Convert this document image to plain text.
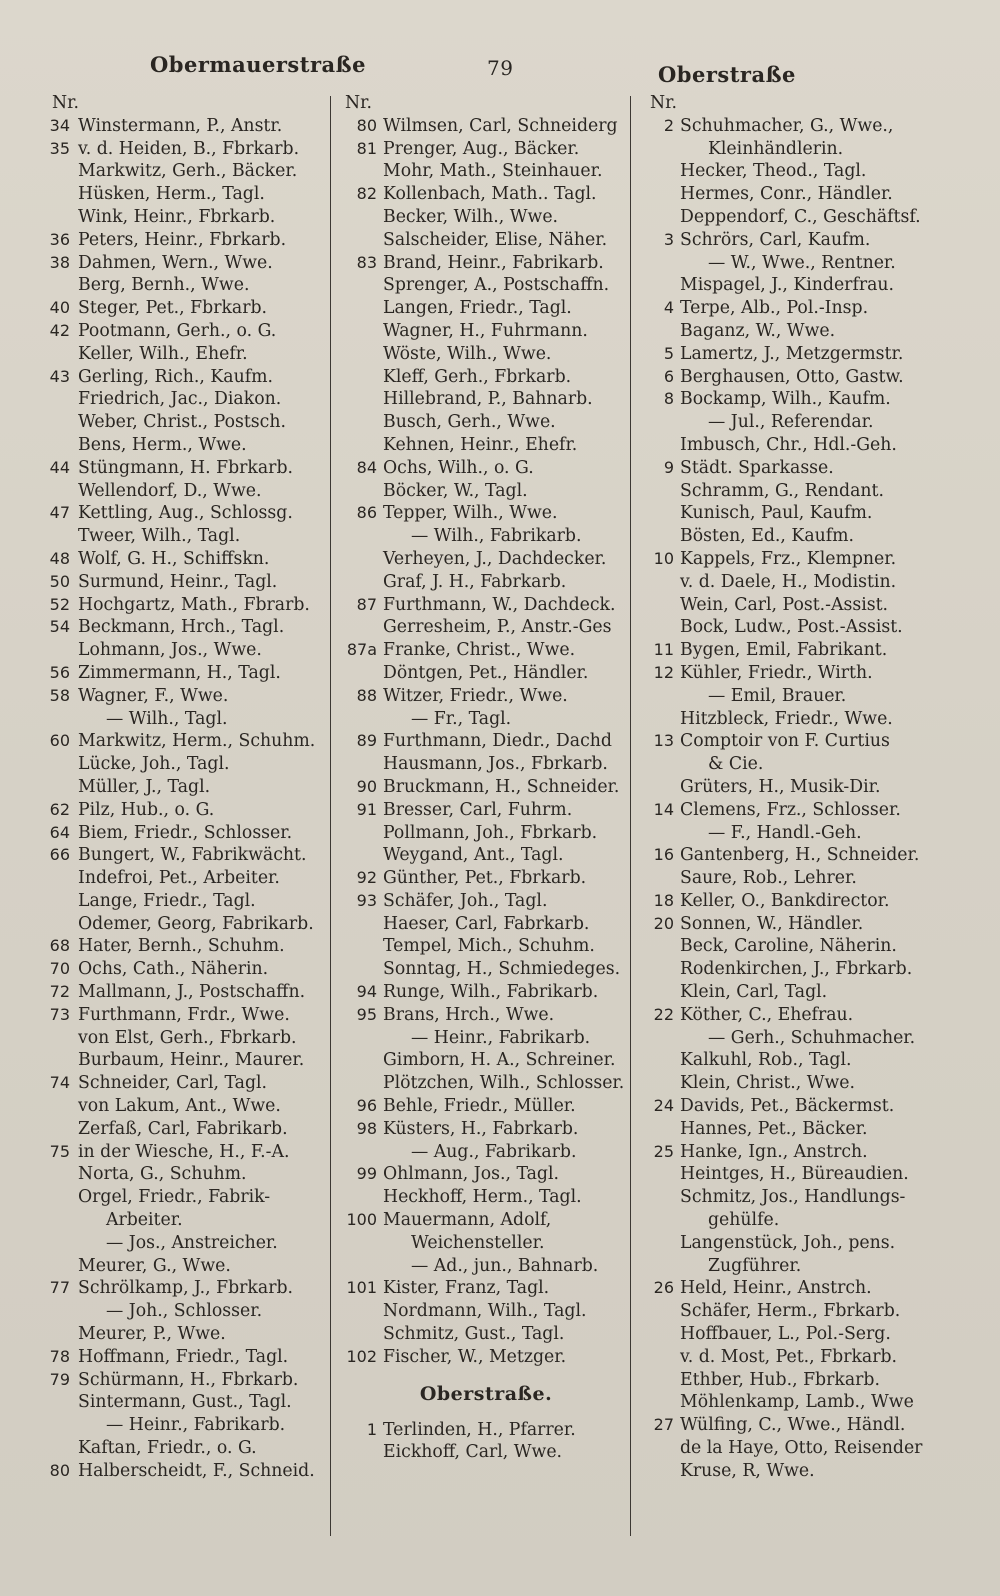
Obermauerstraße	79	Oberstraße
Nr.
34 Winstermann, P., Anstr.
35 v. d. Heiden, B., Fbrkarb.
Markwitz, Gerh., Bäcker.
Hüsken, Herm., Tagl.
Wink, Heinr., Fbrkarb.
36 Peters, Heinr., Fbrkarb.
38 Dahmen, Wern., Wwe.
Berg, Bernh., Wwe.
40 Steger, Pet., Fbrkarb.
42 Pootmann, Gerh., o. G.
Keller, Wilh., Ehefr.
43 Gerling, Rich., Kaufm.
Friedrich, Jac., Diakon.
Weber, Christ., Postsch.
Bens, Herm., Wwe.
44 Stüngmann, H. Fbrkarb.
Wellendorf, D., Wwe.
47 Kettling, Aug., Schlossg.
Tweer, Wilh., Tagl.
48 Wolf, G. H., Schiffskn.
50 Surmund, Heinr., Tagl.
52 Hochgartz, Math., Fbrarb.
54 Beckmann, Hrch., Tagl.
Lohmann, Jos., Wwe.
56 Zimmermann, H., Tagl.
58 Wagner, F., Wwe.
— Wilh., Tagl.
60 Markwitz, Herm., Schuhm.
Lücke, Joh., Tagl.
Müller, J., Tagl.
62 Pilz, Hub., o. G.
64 Biem, Friedr., Schlosser.
66 Bungert, W., Fabrikwächt.
Indefroi, Pet., Arbeiter.
Lange, Friedr., Tagl.
Odemer, Georg, Fabrikarb.
68 Hater, Bernh., Schuhm.
70 Ochs, Cath., Näherin.
72 Mallmann, J., Postschaffn.
73 Furthmann, Frdr., Wwe.
von Elst, Gerh., Fbrkarb.
Burbaum, Heinr., Maurer.
74 Schneider, Carl, Tagl.
von Lakum, Ant., Wwe.
Zerfaß, Carl, Fabrikarb.
75 in der Wiesche, H., F.-A.
Norta, G., Schuhm.
Orgel, Friedr., Fabrik-
Arbeiter.
— Jos., Anstreicher.
Meurer, G., Wwe.
77 Schrölkamp, J., Fbrkarb.
— Joh., Schlosser.
Meurer, P., Wwe.
78 Hoffmann, Friedr., Tagl.
79 Schürmann, H., Fbrkarb.
Sintermann, Gust., Tagl.
— Heinr., Fabrikarb.
Kaftan, Friedr., o. G.
80 Halberscheidt, F., Schneid.
Nr.
80 Wilmsen, Carl, Schneiderg
81 Prenger, Aug., Bäcker.
Mohr, Math., Steinhauer.
82 Kollenbach, Math.. Tagl.
Becker, Wilh., Wwe.
Salscheider, Elise, Näher.
83 Brand, Heinr., Fabrikarb.
Sprenger, A., Postschaffn.
Langen, Friedr., Tagl.
Wagner, H., Fuhrmann.
Wöste, Wilh., Wwe.
Kleff, Gerh., Fbrkarb.
Hillebrand, P., Bahnarb.
Busch, Gerh., Wwe.
Kehnen, Heinr., Ehefr.
84 Ochs, Wilh., o. G.
Böcker, W., Tagl.
86 Tepper, Wilh., Wwe.
— Wilh., Fabrikarb.
Verheyen, J., Dachdecker.
Graf, J. H., Fabrkarb.
87 Furthmann, W., Dachdeck.
Gerresheim, P., Anstr.-Ges
87a Franke, Christ., Wwe.
Döntgen, Pet., Händler.
88 Witzer, Friedr., Wwe.
— Fr., Tagl.
89 Furthmann, Diedr., Dachd
Hausmann, Jos., Fbrkarb.
90 Bruckmann, H., Schneider.
91 Bresser, Carl, Fuhrm.
Pollmann, Joh., Fbrkarb.
Weygand, Ant., Tagl.
92 Günther, Pet., Fbrkarb.
93 Schäfer, Joh., Tagl.
Haeser, Carl, Fabrkarb.
Tempel, Mich., Schuhm.
Sonntag, H., Schmiedeges.
94 Runge, Wilh., Fabrikarb.
95 Brans, Hrch., Wwe.
— Heinr., Fabrikarb.
Gimborn, H. A., Schreiner.
Plötzchen, Wilh., Schlosser.
96 Behle, Friedr., Müller.
98 Küsters, H., Fabrkarb.
— Aug., Fabrikarb.
99 Ohlmann, Jos., Tagl.
Heckhoff, Herm., Tagl.
100 Mauermann, Adolf,
Weichensteller.
— Ad., jun., Bahnarb.
101 Kister, Franz, Tagl.
Nordmann, Wilh., Tagl.
Schmitz, Gust., Tagl.
102 Fischer, W., Metzger.
Oberstraße.
1 Terlinden, H., Pfarrer.
Eickhoff, Carl, Wwe.
Nr.
2 Schuhmacher, G., Wwe.,
Kleinhändlerin.
Hecker, Theod., Tagl.
Hermes, Conr., Händler.
Deppendorf, C., Geschäftsf.
3 Schrörs, Carl, Kaufm.
— W., Wwe., Rentner.
Mispagel, J., Kinderfrau.
4 Terpe, Alb., Pol.-Insp.
Baganz, W., Wwe.
5 Lamertz, J., Metzgermstr.
6 Berghausen, Otto, Gastw.
8 Bockamp, Wilh., Kaufm.
— Jul., Referendar.
Imbusch, Chr., Hdl.-Geh.
9 Städt. Sparkasse.
Schramm, G., Rendant.
Kunisch, Paul, Kaufm.
Bösten, Ed., Kaufm.
10 Kappels, Frz., Klempner.
v. d. Daele, H., Modistin.
Wein, Carl, Post.-Assist.
Bock, Ludw., Post.-Assist.
11 Bygen, Emil, Fabrikant.
12 Kühler, Friedr., Wirth.
— Emil, Brauer.
Hitzbleck, Friedr., Wwe.
13 Comptoir von F. Curtius
& Cie.
Grüters, H., Musik-Dir.
14 Clemens, Frz., Schlosser.
— F., Handl.-Geh.
16 Gantenberg, H., Schneider.
Saure, Rob., Lehrer.
18 Keller, O., Bankdirector.
20 Sonnen, W., Händler.
Beck, Caroline, Näherin.
Rodenkirchen, J., Fbrkarb.
Klein, Carl, Tagl.
22 Köther, C., Ehefrau.
— Gerh., Schuhmacher.
Kalkuhl, Rob., Tagl.
Klein, Christ., Wwe.
24 Davids, Pet., Bäckermst.
Hannes, Pet., Bäcker.
25 Hanke, Ign., Anstrch.
Heintges, H., Büreaudien.
Schmitz, Jos., Handlungs-
gehülfe.
Langenstück, Joh., pens.
Zugführer.
26 Held, Heinr., Anstrch.
Schäfer, Herm., Fbrkarb.
Hoffbauer, L., Pol.-Serg.
v. d. Most, Pet., Fbrkarb.
Ethber, Hub., Fbrkarb.
Möhlenkamp, Lamb., Wwe
27 Wülfing, C., Wwe., Händl.
de la Haye, Otto, Reisender
Kruse, R, Wwe.
